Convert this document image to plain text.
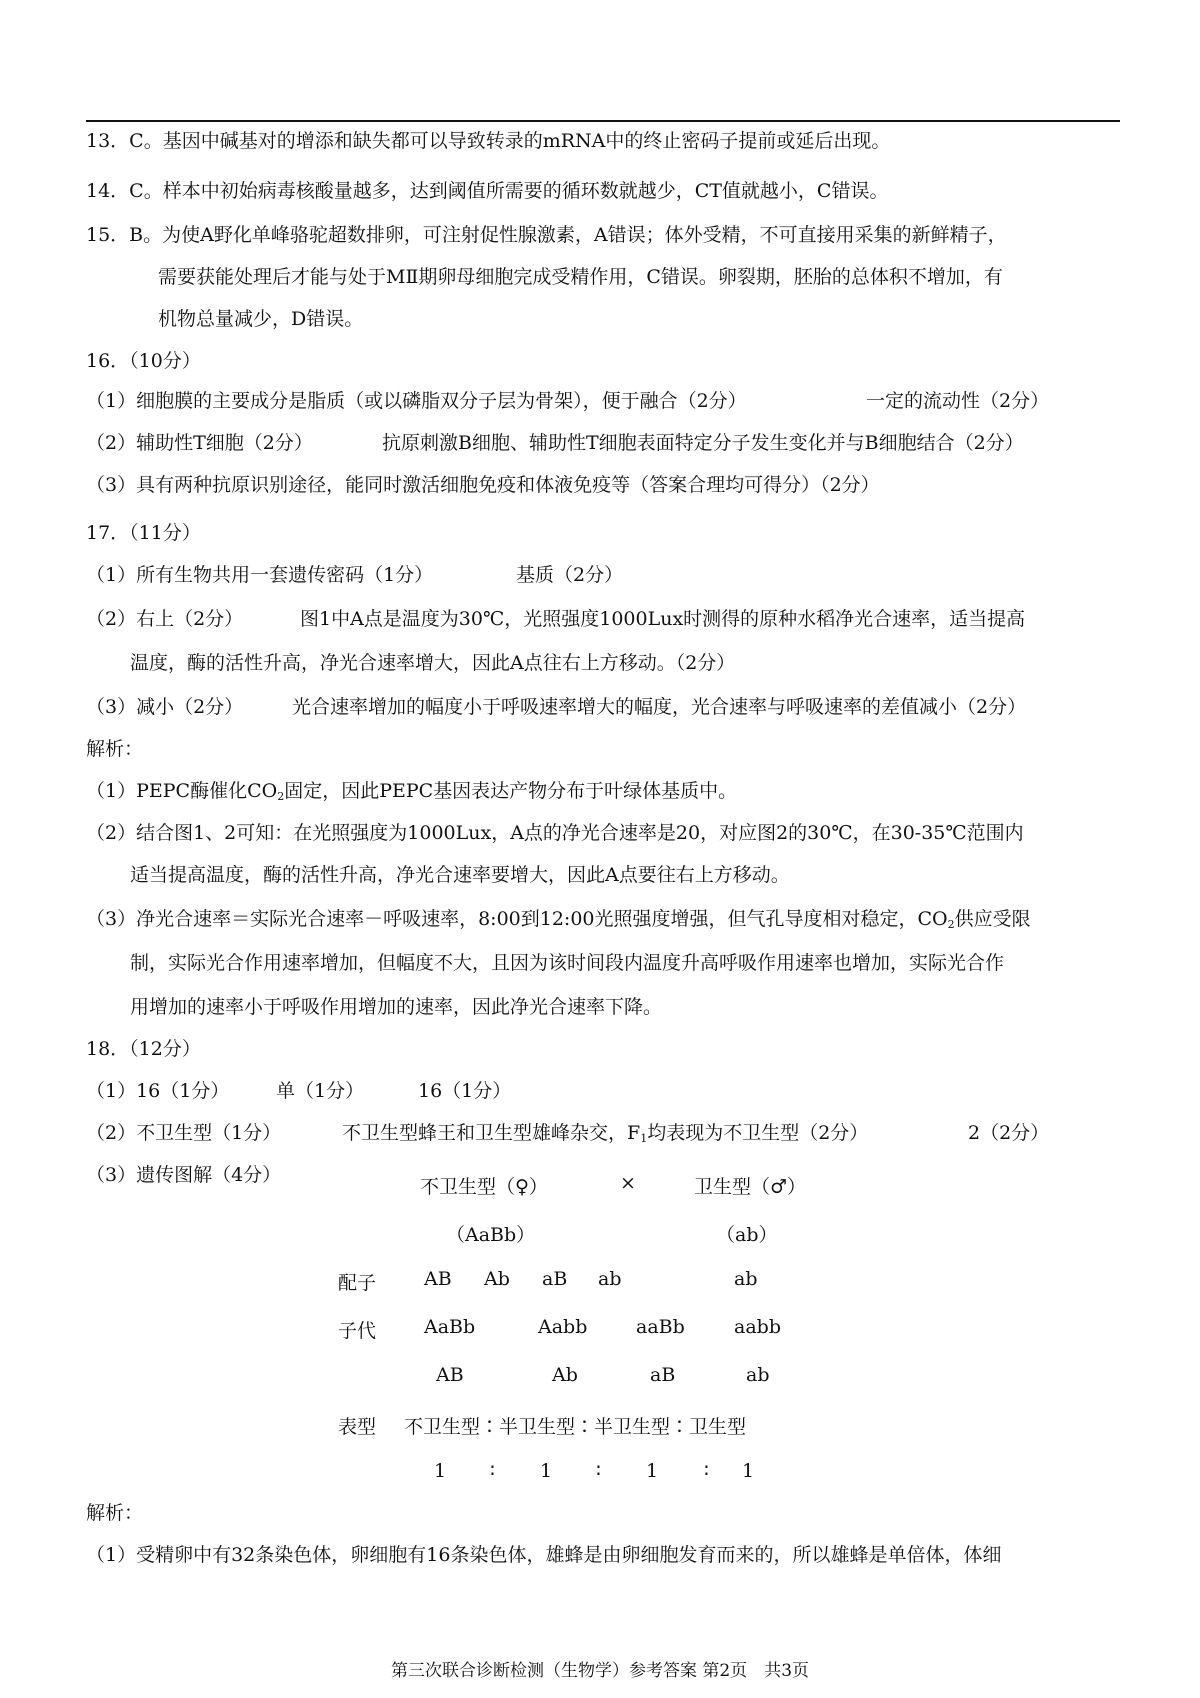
13．C。基因中碱基对的增添和缺失都可以导致转录的mRNA中的终止密码子提前或延后出现。
14．C。样本中初始病毒核酸量越多，达到阈值所需要的循环数就越少，CT值就越小，C错误。
15．B。为使A野化单峰骆驼超数排卵，可注射促性腺激素，A错误；体外受精，不可直接用采集的新鲜精子，
需要获能处理后才能与处于MⅡ期卵母细胞完成受精作用，C错误。卵裂期，胚胎的总体积不增加，有
机物总量减少，D错误。
16．（10分）
（1）细胞膜的主要成分是脂质（或以磷脂双分子层为骨架），便于融合（2分）	一定的流动性（2分）
（2）辅助性T细胞（2分）	抗原刺激B细胞、辅助性T细胞表面特定分子发生变化并与B细胞结合（2分）
（3）具有两种抗原识别途径，能同时激活细胞免疫和体液免疫等（答案合理均可得分）（2分）
17．（11分）
（1）所有生物共用一套遗传密码（1分）	基质（2分）
（2）右上（2分）	图1中A点是温度为30℃，光照强度1000Lux时测得的原种水稻净光合速率，适当提高
温度，酶的活性升高，净光合速率增大，因此A点往右上方移动。（2分）
（3）减小（2分）	光合速率增加的幅度小于呼吸速率增大的幅度，光合速率与呼吸速率的差值减小（2分）
解析：
（1）PEPC酶催化$CO_2$固定，因此PEPC基因表达产物分布于叶绿体基质中。
（2）结合图1、2可知：在光照强度为1000Lux，A点的净光合速率是20，对应图2的30℃，在30-35℃范围内
适当提高温度，酶的活性升高，净光合速率要增大，因此A点要往右上方移动。
（3）净光合速率＝实际光合速率－呼吸速率，8:00到12:00光照强度增强，但气孔导度相对稳定，$CO_2$供应受限
制，实际光合作用速率增加，但幅度不大，且因为该时间段内温度升高呼吸作用速率也增加，实际光合作
用增加的速率小于呼吸作用增加的速率，因此净光合速率下降。
18．（12分）
（1）16（1分） 单（1分）	16（1分）
（2）不卫生型（1分）	不卫生型蜂王和卫生型雄峰杂交，$F_1$均表现为不卫生型（2分）	2（2分）
（3）遗传图解（4分）
不卫生型（♀）	×	卫生型（♂）
（AaBb）	（ab）
配子	AB Ab aB ab	ab
子代	AaBb	Aabb	aaBb	aabb
AB	Ab	aB	ab
表型 不卫生型∶半卫生型∶半卫生型∶卫生型
1 ∶ 1 ∶ 1 ∶ 1
解析：
（1）受精卵中有32条染色体，卵细胞有16条染色体，雄蜂是由卵细胞发育而来的，所以雄蜂是单倍体，体细
第三次联合诊断检测（生物学）参考答案 第2页　共3页
